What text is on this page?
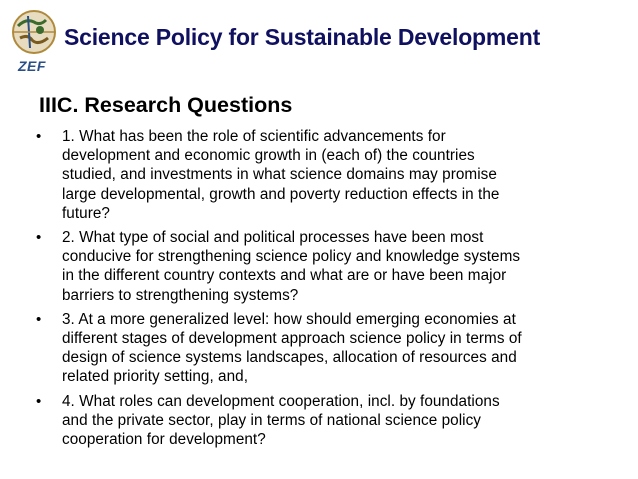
ZEF
Science Policy for Sustainable Development
IIIC. Research Questions
• 1. What has been the role of scientific advancements for
development and economic growth in (each of) the countries
studied, and investments in what science domains may promise
large developmental, growth and poverty reduction effects in the
future?
• 2. What type of social and political processes have been most
conducive for strengthening science policy and knowledge systems
in the different country contexts and what are or have been major
barriers to strengthening systems?
• 3. At a more generalized level: how should emerging economies at
different stages of development approach science policy in terms of
design of science systems landscapes, allocation of resources and
related priority setting, and,
• 4. What roles can development cooperation, incl. by foundations
and the private sector, play in terms of national science policy
cooperation for development?
